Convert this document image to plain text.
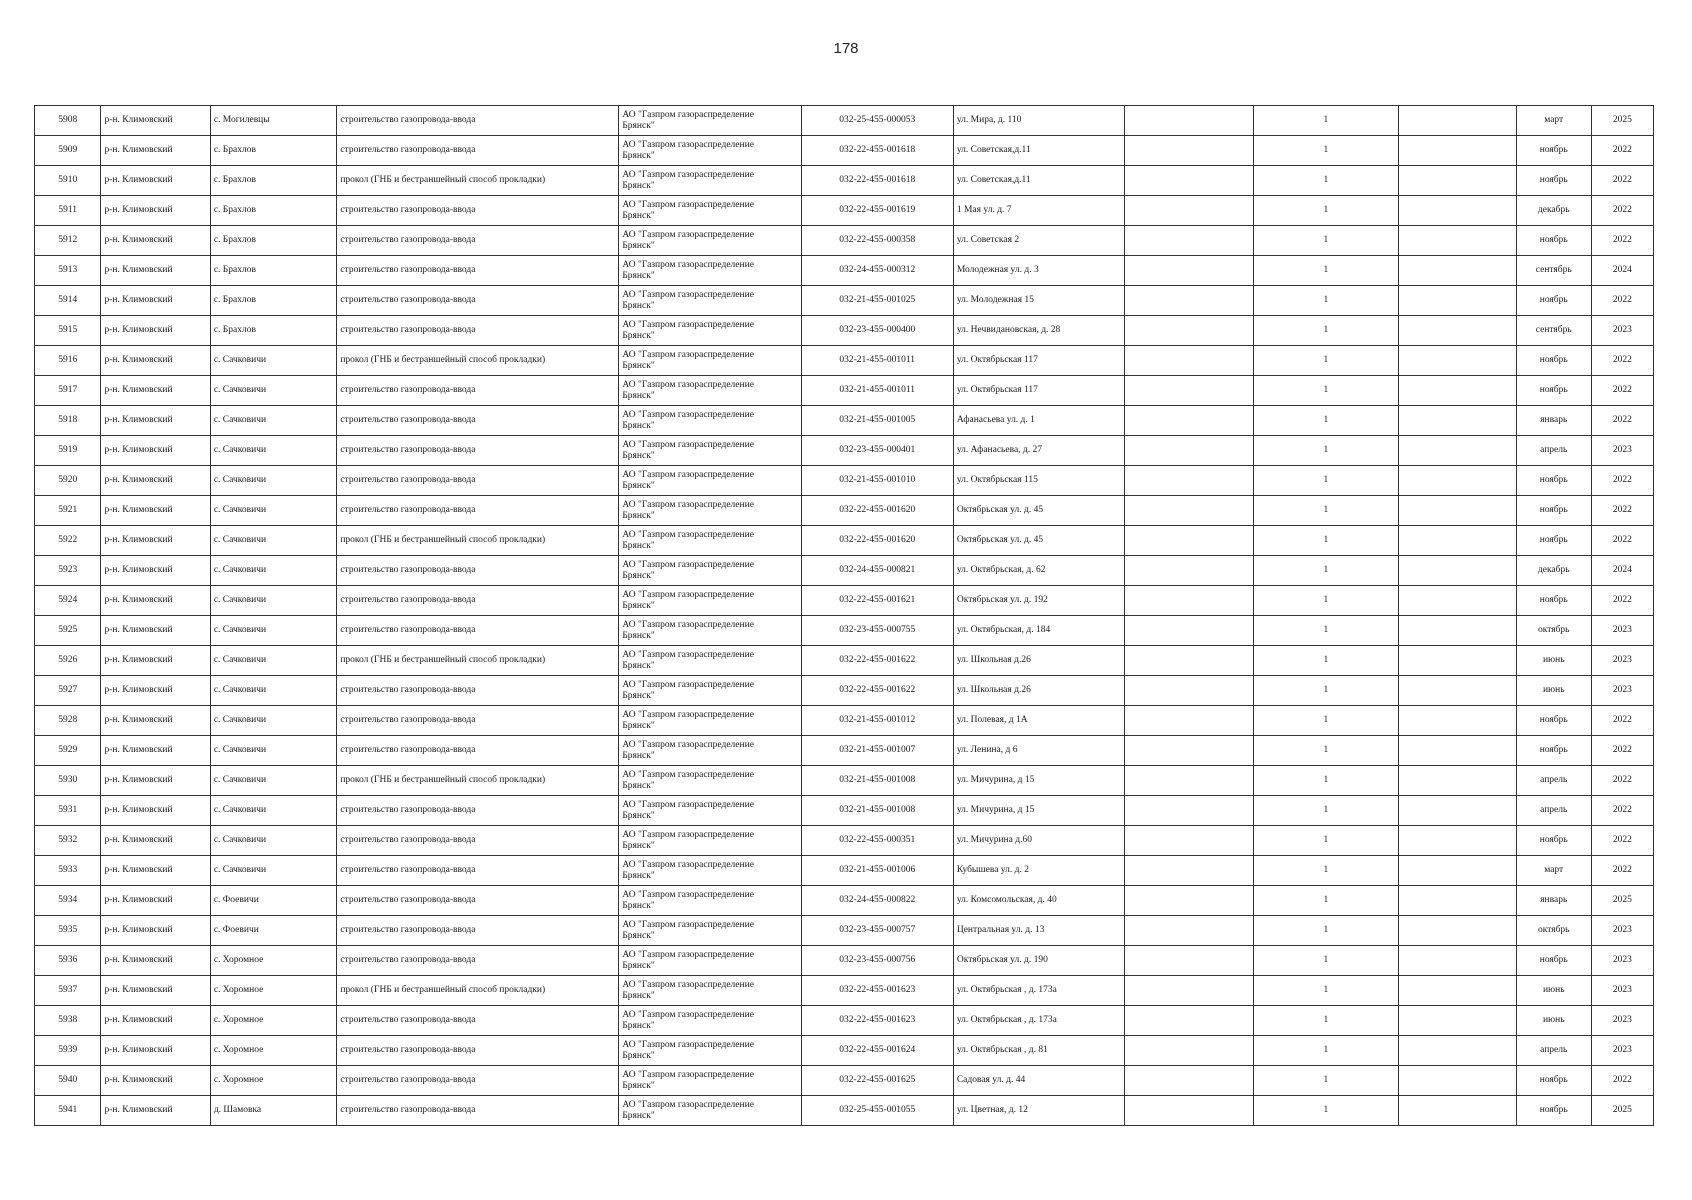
178
5908	р-н. Климовский	с. Могилевцы	строительство газопровода-ввода	АО "Газпром газораспределение
Брянск"	032-25-455-000053	ул. Мира, д. 110		1		март	2025
5909	р-н. Климовский	с. Брахлов	строительство газопровода-ввода	АО "Газпром газораспределение
Брянск"	032-22-455-001618	ул. Советская,д.11		1		ноябрь	2022
5910	р-н. Климовский	с. Брахлов	прокол (ГНБ и бестраншейный способ прокладки)	АО "Газпром газораспределение
Брянск"	032-22-455-001618	ул. Советская,д.11		1		ноябрь	2022
5911	р-н. Климовский	с. Брахлов	строительство газопровода-ввода	АО "Газпром газораспределение
Брянск"	032-22-455-001619	1 Мая ул. д. 7		1		декабрь	2022
5912	р-н. Климовский	с. Брахлов	строительство газопровода-ввода	АО "Газпром газораспределение
Брянск"	032-22-455-000358	ул. Советская 2		1		ноябрь	2022
5913	р-н. Климовский	с. Брахлов	строительство газопровода-ввода	АО "Газпром газораспределение
Брянск"	032-24-455-000312	Молодежная ул. д. 3		1		сентябрь	2024
5914	р-н. Климовский	с. Брахлов	строительство газопровода-ввода	АО "Газпром газораспределение
Брянск"	032-21-455-001025	ул. Молодежная 15		1		ноябрь	2022
5915	р-н. Климовский	с. Брахлов	строительство газопровода-ввода	АО "Газпром газораспределение
Брянск"	032-23-455-000400	ул. Нечвидановская, д. 28		1		сентябрь	2023
5916	р-н. Климовский	с. Сачковичи	прокол (ГНБ и бестраншейный способ прокладки)	АО "Газпром газораспределение
Брянск"	032-21-455-001011	ул. Октябрьская 117		1		ноябрь	2022
5917	р-н. Климовский	с. Сачковичи	строительство газопровода-ввода	АО "Газпром газораспределение
Брянск"	032-21-455-001011	ул. Октябрьская 117		1		ноябрь	2022
5918	р-н. Климовский	с. Сачковичи	строительство газопровода-ввода	АО "Газпром газораспределение
Брянск"	032-21-455-001005	Афанасьева ул. д. 1		1		январь	2022
5919	р-н. Климовский	с. Сачковичи	строительство газопровода-ввода	АО "Газпром газораспределение
Брянск"	032-23-455-000401	ул. Афанасьева, д. 27		1		апрель	2023
5920	р-н. Климовский	с. Сачковичи	строительство газопровода-ввода	АО "Газпром газораспределение
Брянск"	032-21-455-001010	ул. Октябрьская 115		1		ноябрь	2022
5921	р-н. Климовский	с. Сачковичи	строительство газопровода-ввода	АО "Газпром газораспределение
Брянск"	032-22-455-001620	Октябрьская ул. д. 45		1		ноябрь	2022
5922	р-н. Климовский	с. Сачковичи	прокол (ГНБ и бестраншейный способ прокладки)	АО "Газпром газораспределение
Брянск"	032-22-455-001620	Октябрьская ул. д. 45		1		ноябрь	2022
5923	р-н. Климовский	с. Сачковичи	строительство газопровода-ввода	АО "Газпром газораспределение
Брянск"	032-24-455-000821	ул. Октябрьская, д. 62		1		декабрь	2024
5924	р-н. Климовский	с. Сачковичи	строительство газопровода-ввода	АО "Газпром газораспределение
Брянск"	032-22-455-001621	Октябрьская ул. д. 192		1		ноябрь	2022
5925	р-н. Климовский	с. Сачковичи	строительство газопровода-ввода	АО "Газпром газораспределение
Брянск"	032-23-455-000755	ул. Октябрьская, д. 184		1		октябрь	2023
5926	р-н. Климовский	с. Сачковичи	прокол (ГНБ и бестраншейный способ прокладки)	АО "Газпром газораспределение
Брянск"	032-22-455-001622	ул. Школьная д.26		1		июнь	2023
5927	р-н. Климовский	с. Сачковичи	строительство газопровода-ввода	АО "Газпром газораспределение
Брянск"	032-22-455-001622	ул. Школьная д.26		1		июнь	2023
5928	р-н. Климовский	с. Сачковичи	строительство газопровода-ввода	АО "Газпром газораспределение
Брянск"	032-21-455-001012	ул. Полевая, д 1А		1		ноябрь	2022
5929	р-н. Климовский	с. Сачковичи	строительство газопровода-ввода	АО "Газпром газораспределение
Брянск"	032-21-455-001007	ул. Ленина, д 6		1		ноябрь	2022
5930	р-н. Климовский	с. Сачковичи	прокол (ГНБ и бестраншейный способ прокладки)	АО "Газпром газораспределение
Брянск"	032-21-455-001008	ул. Мичурина, д 15		1		апрель	2022
5931	р-н. Климовский	с. Сачковичи	строительство газопровода-ввода	АО "Газпром газораспределение
Брянск"	032-21-455-001008	ул. Мичурина, д 15		1		апрель	2022
5932	р-н. Климовский	с. Сачковичи	строительство газопровода-ввода	АО "Газпром газораспределение
Брянск"	032-22-455-000351	ул. Мичурина д.60		1		ноябрь	2022
5933	р-н. Климовский	с. Сачковичи	строительство газопровода-ввода	АО "Газпром газораспределение
Брянск"	032-21-455-001006	Кубышева ул. д. 2		1		март	2022
5934	р-н. Климовский	с. Фоевичи	строительство газопровода-ввода	АО "Газпром газораспределение
Брянск"	032-24-455-000822	ул. Комсомольская, д. 40		1		январь	2025
5935	р-н. Климовский	с. Фоевичи	строительство газопровода-ввода	АО "Газпром газораспределение
Брянск"	032-23-455-000757	Центральная ул. д. 13		1		октябрь	2023
5936	р-н. Климовский	с. Хоромное	строительство газопровода-ввода	АО "Газпром газораспределение
Брянск"	032-23-455-000756	Октябрьская ул. д. 190		1		ноябрь	2023
5937	р-н. Климовский	с. Хоромное	прокол (ГНБ и бестраншейный способ прокладки)	АО "Газпром газораспределение
Брянск"	032-22-455-001623	ул. Октябрьская , д. 173а		1		июнь	2023
5938	р-н. Климовский	с. Хоромное	строительство газопровода-ввода	АО "Газпром газораспределение
Брянск"	032-22-455-001623	ул. Октябрьская , д. 173а		1		июнь	2023
5939	р-н. Климовский	с. Хоромное	строительство газопровода-ввода	АО "Газпром газораспределение
Брянск"	032-22-455-001624	ул. Октябрьская , д. 81		1		апрель	2023
5940	р-н. Климовский	с. Хоромное	строительство газопровода-ввода	АО "Газпром газораспределение
Брянск"	032-22-455-001625	Садовая ул. д. 44		1		ноябрь	2022
5941	р-н. Климовский	д. Шамовка	строительство газопровода-ввода	АО "Газпром газораспределение
Брянск"	032-25-455-001055	ул. Цветная, д. 12		1		ноябрь	2025
